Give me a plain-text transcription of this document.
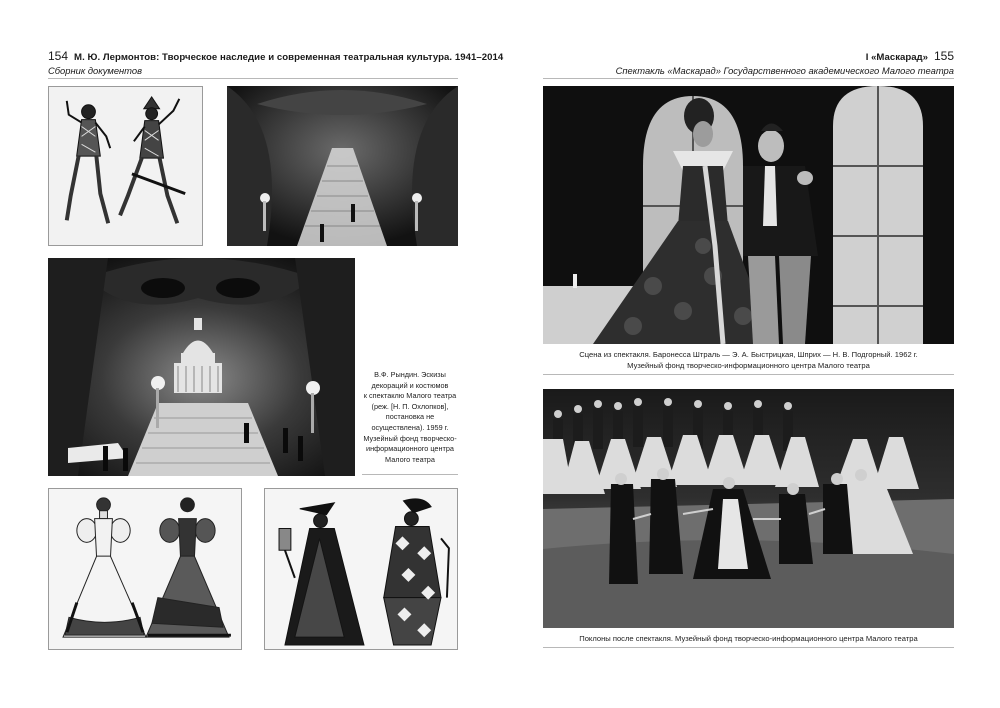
154 М. Ю. Лермонтов: Творческое наследие и современная театральная культура. 1941–2014
Сборник документов
I «Маскарад» 155
Спектакль «Маскарад» Государственного академического Малого театра
В.Ф. Рындин. Эскизы
декораций и костюмов
к спектаклю Малого театра
(реж. [Н. П. Охлопков],
постановка не
осуществлена). 1959 г.
Музейный фонд творческо-
информационного центра
Малого театра
Сцена из спектакля. Баронесса Штраль — Э. А. Быстрицкая, Шприх — Н. В. Подгорный. 1962 г.
Музейный фонд творческо-информационного центра Малого театра
Поклоны после спектакля. Музейный фонд творческо-информационного центра Малого театра
